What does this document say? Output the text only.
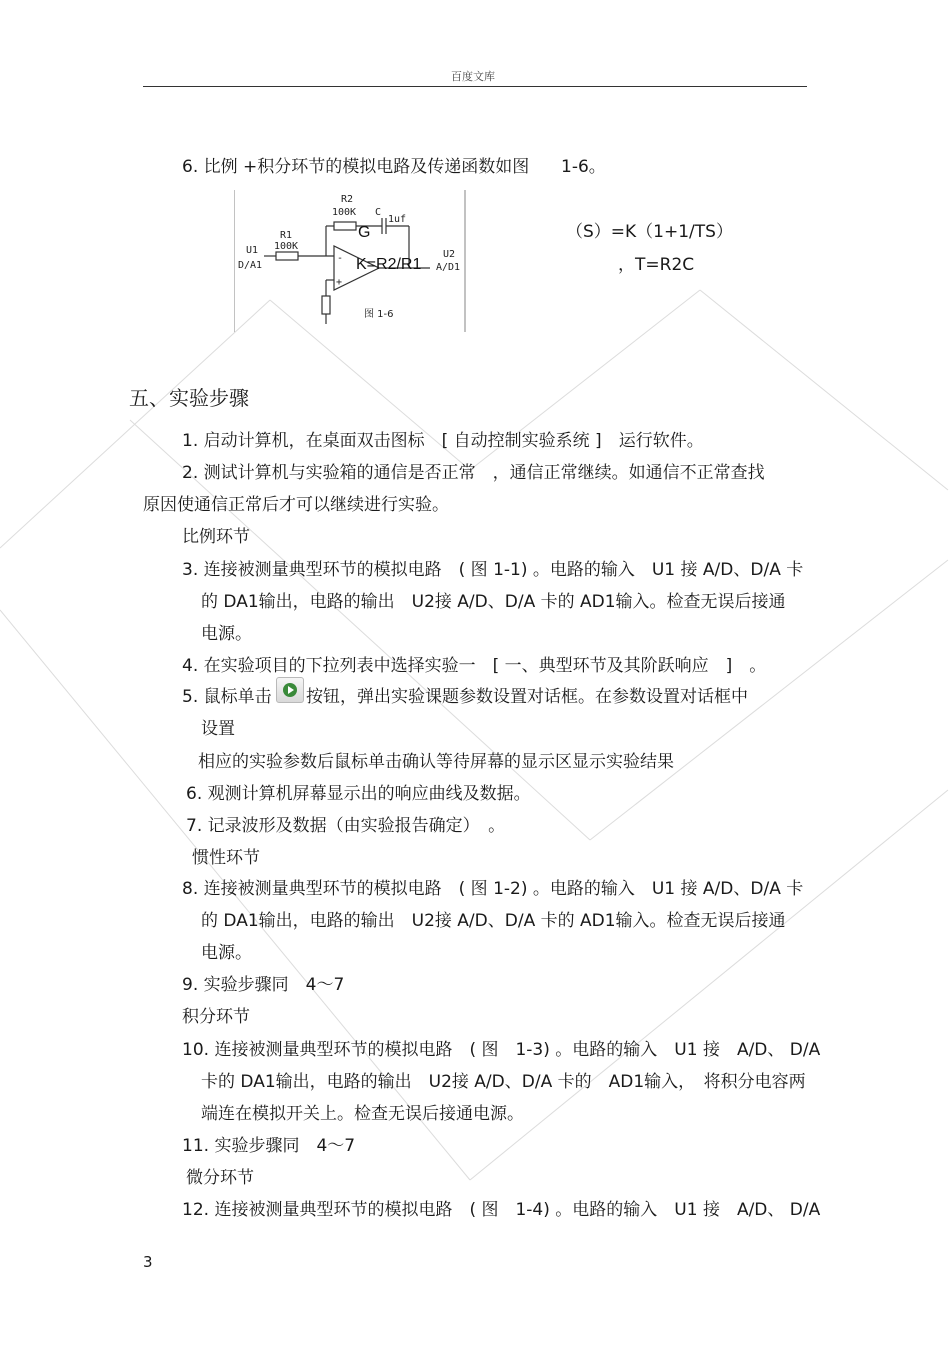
百度文库
6. 比例 +积分环节的模拟电路及传递函数如图 1-6。
R2
100K C
1uf
R1
100K
U1
D/A1
U2
A/D1
-
+
图 1-6
G
K=R2/R1
（S）=K（1+1/TS）
，T=R2C
五、实验步骤
1. 启动计算机，在桌面双击图标　[ 自动控制实验系统 ]　运行软件。
2. 测试计算机与实验箱的通信是否正常　，通信正常继续。如通信不正常查找
原因使通信正常后才可以继续进行实验。
比例环节
3. 连接被测量典型环节的模拟电路　( 图 1-1) 。电路的输入　U1 接 A/D、D/A 卡
的 DA1输出，电路的输出　U2接 A/D、D/A 卡的 AD1输入。检查无误后接通
电源。
4. 在实验项目的下拉列表中选择实验一　[ 一、典型环节及其阶跃响应　]　。
5. 鼠标单击 按钮，弹出实验课题参数设置对话框。在参数设置对话框中
设置
相应的实验参数后鼠标单击确认等待屏幕的显示区显示实验结果
6. 观测计算机屏幕显示出的响应曲线及数据。
7. 记录波形及数据（由实验报告确定）　。
惯性环节
8. 连接被测量典型环节的模拟电路　( 图 1-2) 。电路的输入　U1 接 A/D、D/A 卡
的 DA1输出，电路的输出　U2接 A/D、D/A 卡的 AD1输入。检查无误后接通
电源。
9. 实验步骤同　4～7
积分环节
10. 连接被测量典型环节的模拟电路　( 图　1-3) 。电路的输入　U1 接　A/D、 D/A
卡的 DA1输出，电路的输出　U2接 A/D、D/A 卡的　AD1输入，　将积分电容两
端连在模拟开关上。检查无误后接通电源。
11. 实验步骤同　4～7
微分环节
12. 连接被测量典型环节的模拟电路　( 图　1-4) 。电路的输入　U1 接　A/D、 D/A
3
